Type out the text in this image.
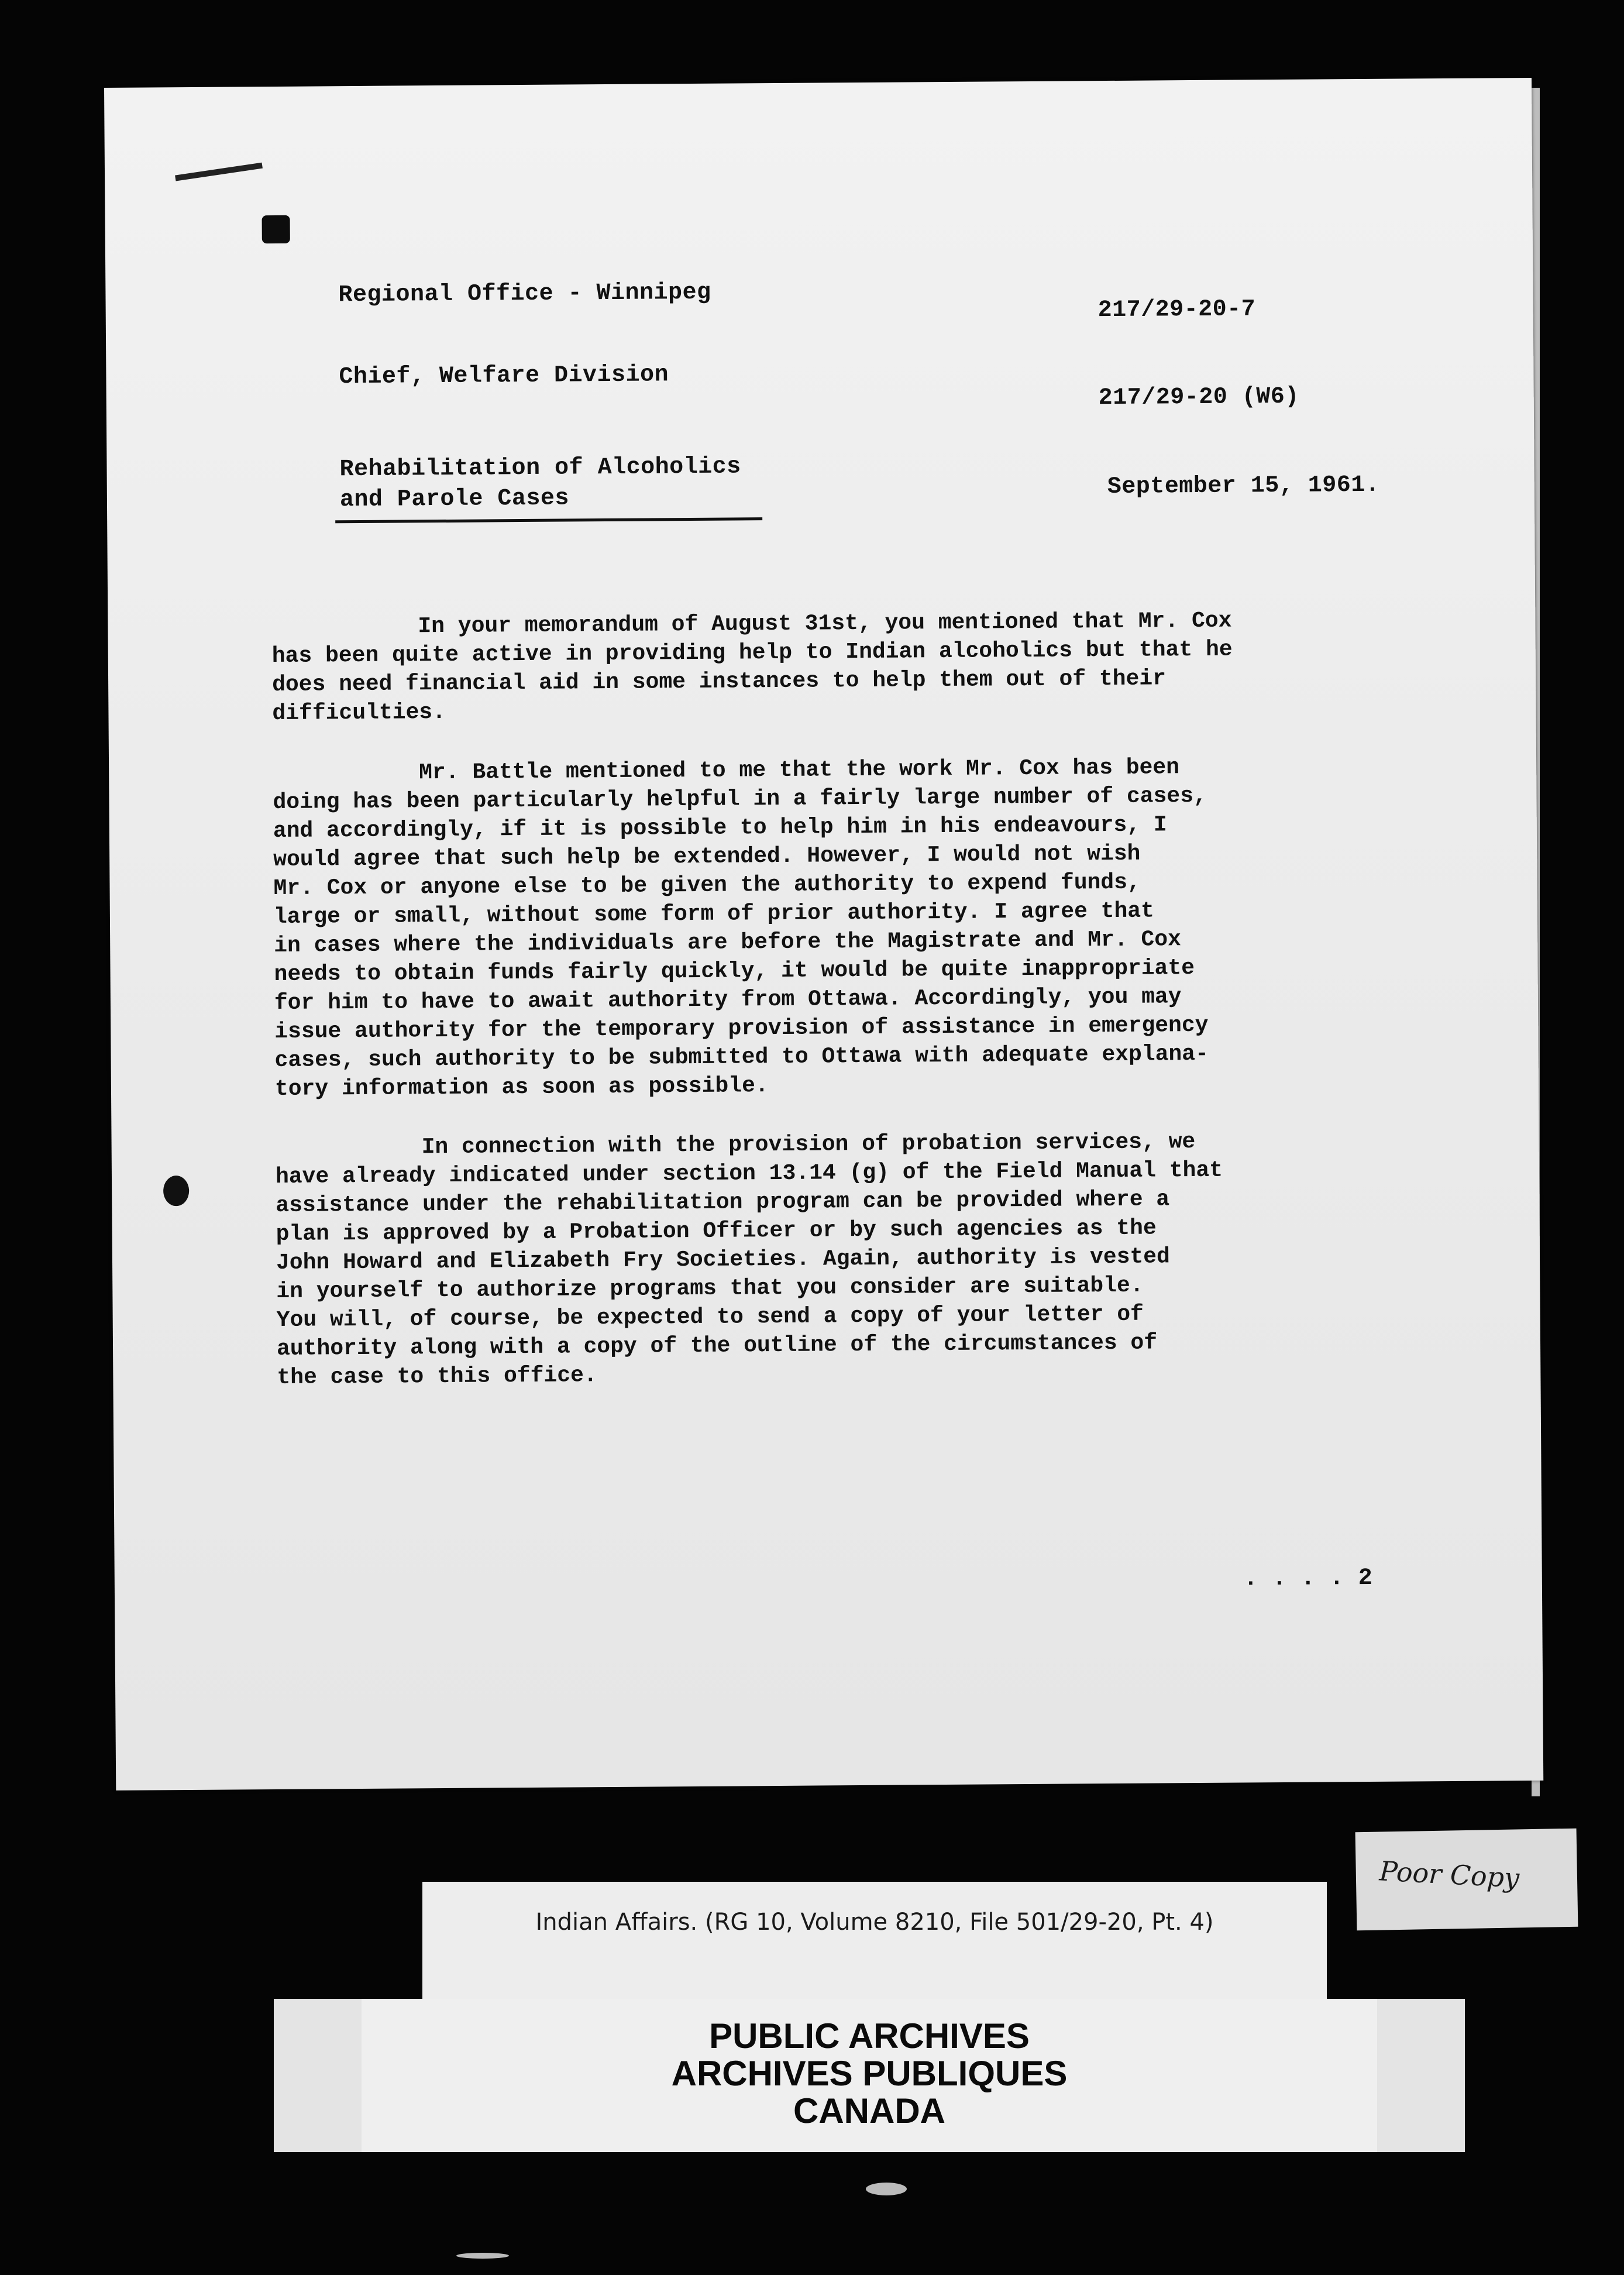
Regional Office - Winnipeg
217/29-20-7
Chief, Welfare Division
217/29-20 (W6)
Rehabilitation of Alcoholics
and Parole Cases	September 15, 1961.
In your memorandum of August 31st, you mentioned that Mr. Cox
has been quite active in providing help to Indian alcoholics but that he
does need financial aid in some instances to help them out of their
difficulties.
Mr. Battle mentioned to me that the work Mr. Cox has been
doing has been particularly helpful in a fairly large number of cases,
and accordingly, if it is possible to help him in his endeavours, I
would agree that such help be extended. However, I would not wish
Mr. Cox or anyone else to be given the authority to expend funds,
large or small, without some form of prior authority. I agree that
in cases where the individuals are before the Magistrate and Mr. Cox
needs to obtain funds fairly quickly, it would be quite inappropriate
for him to have to await authority from Ottawa. Accordingly, you may
issue authority for the temporary provision of assistance in emergency
cases, such authority to be submitted to Ottawa with adequate explana-
tory information as soon as possible.
In connection with the provision of probation services, we
have already indicated under section 13.14 (g) of the Field Manual that
assistance under the rehabilitation program can be provided where a
plan is approved by a Probation Officer or by such agencies as the
John Howard and Elizabeth Fry Societies. Again, authority is vested
in yourself to authorize programs that you consider are suitable.
You will, of course, be expected to send a copy of your letter of
authority along with a copy of the outline of the circumstances of
the case to this office.
. . . . 2
Poor Copy
Indian Affairs. (RG 10, Volume 8210, File 501/29-20, Pt. 4)
PUBLIC ARCHIVES
ARCHIVES PUBLIQUES
CANADA
